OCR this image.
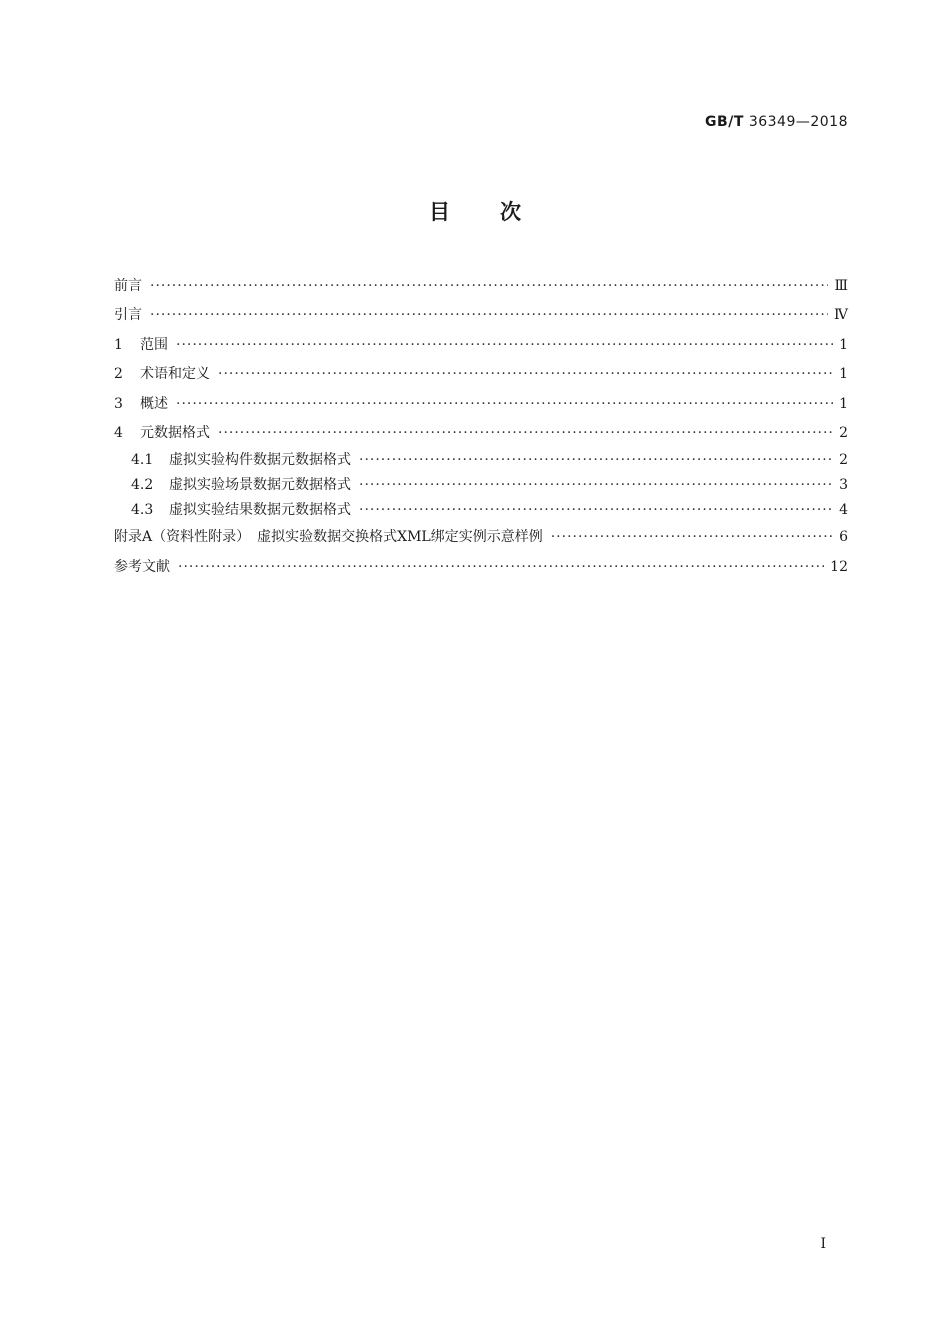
GB/T 36349—2018
目 次
前言 ·····	Ⅲ
引言 ·····	Ⅳ
1	范围 ·····	1
2	术语和定义 ·····	1
3	概述 ·····	1
4	元数据格式 ·····	2
4.1	虚拟实验构件数据元数据格式 ·····	2
4.2	虚拟实验场景数据元数据格式 ·····	3
4.3	虚拟实验结果数据元数据格式 ·····	4
附录A（资料性附录）　虚拟实验数据交换格式XML绑定实例示意样例 ·····	6
参考文献 ·····	12
Ⅰ
